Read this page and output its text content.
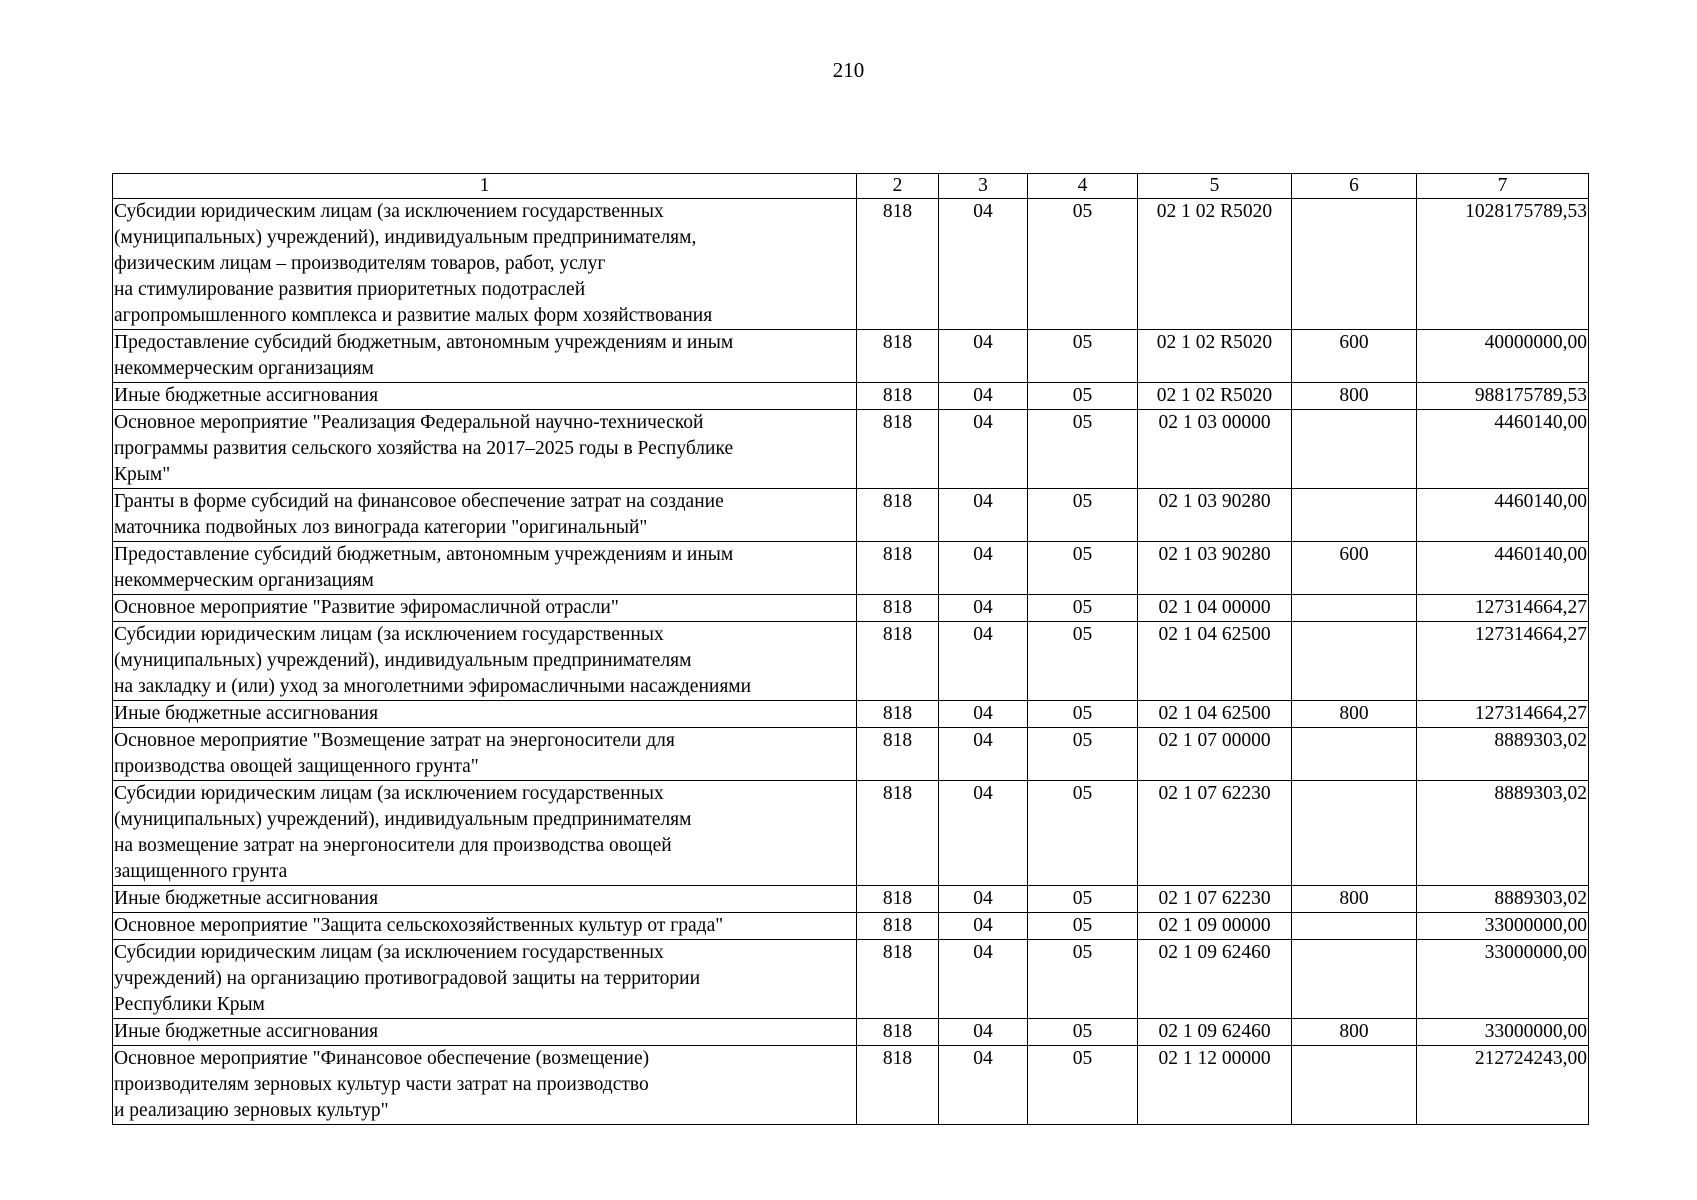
210
1	2	3	4	5	6	7
Субсидии юридическим лицам (за исключением государственных
(муниципальных) учреждений), индивидуальным предпринимателям,
физическим лицам – производителям товаров, работ, услуг
на стимулирование развития приоритетных подотраслей
агропромышленного комплекса и развитие малых форм хозяйствования	818	04	05	02 1 02 R5020		1028175789,53
Предоставление субсидий бюджетным, автономным учреждениям и иным
некоммерческим организациям	818	04	05	02 1 02 R5020	600	40000000,00
Иные бюджетные ассигнования	818	04	05	02 1 02 R5020	800	988175789,53
Основное мероприятие "Реализация Федеральной научно-технической
программы развития сельского хозяйства на 2017–2025 годы в Республике
Крым"	818	04	05	02 1 03 00000		4460140,00
Гранты в форме субсидий на финансовое обеспечение затрат на создание
маточника подвойных лоз винограда категории "оригинальный"	818	04	05	02 1 03 90280		4460140,00
Предоставление субсидий бюджетным, автономным учреждениям и иным
некоммерческим организациям	818	04	05	02 1 03 90280	600	4460140,00
Основное мероприятие "Развитие эфиромасличной отрасли"	818	04	05	02 1 04 00000		127314664,27
Субсидии юридическим лицам (за исключением государственных
(муниципальных) учреждений), индивидуальным предпринимателям
на закладку и (или) уход за многолетними эфиромасличными насаждениями	818	04	05	02 1 04 62500		127314664,27
Иные бюджетные ассигнования	818	04	05	02 1 04 62500	800	127314664,27
Основное мероприятие "Возмещение затрат на энергоносители для
производства овощей защищенного грунта"	818	04	05	02 1 07 00000		8889303,02
Субсидии юридическим лицам (за исключением государственных
(муниципальных) учреждений), индивидуальным предпринимателям
на возмещение затрат на энергоносители для производства овощей
защищенного грунта	818	04	05	02 1 07 62230		8889303,02
Иные бюджетные ассигнования	818	04	05	02 1 07 62230	800	8889303,02
Основное мероприятие "Защита сельскохозяйственных культур от града"	818	04	05	02 1 09 00000		33000000,00
Субсидии юридическим лицам (за исключением государственных
учреждений) на организацию противоградовой защиты на территории
Республики Крым	818	04	05	02 1 09 62460		33000000,00
Иные бюджетные ассигнования	818	04	05	02 1 09 62460	800	33000000,00
Основное мероприятие "Финансовое обеспечение (возмещение)
производителям зерновых культур части затрат на производство
и реализацию зерновых культур"	818	04	05	02 1 12 00000		212724243,00
